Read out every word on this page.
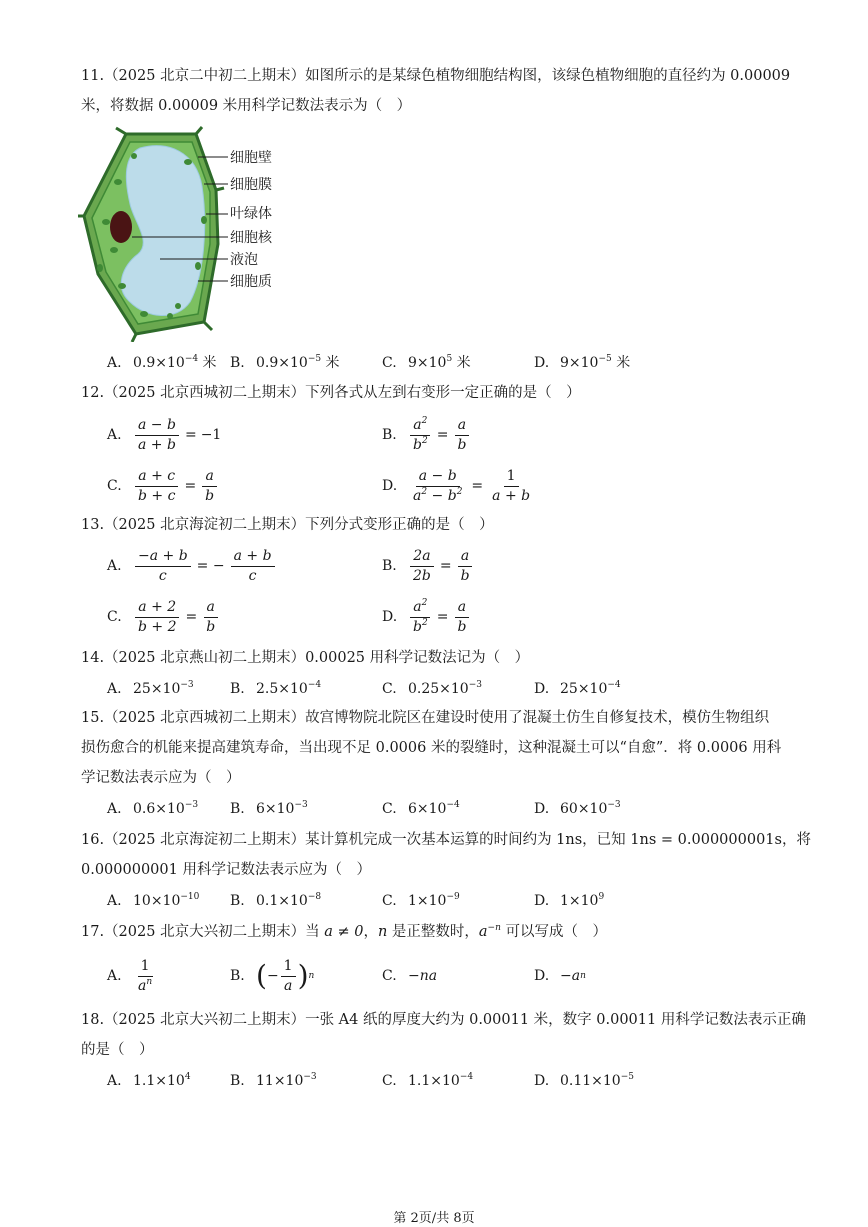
11.（2025 北京二中初二上期末）如图所示的是某绿色植物细胞结构图，该绿色植物细胞的直径约为 0.00009
米，将数据 0.00009 米用科学记数法表示为（　）
细胞壁
细胞膜
叶绿体
细胞核
液泡
细胞质
A. $0.9\times 10^{-4}$ 米 B. $0.9\times 10^{-5}$ 米	C. $9\times 10^5$ 米	D. $9\times 10^{-5}$ 米
12.（2025 北京西城初二上期末）下列各式从左到右变形一定正确的是（　）
A. $\frac{a - b}{a + b} = -1$	B. $\frac{a^2}{b^2} = \frac{a}{b}$
C. $\frac{a + c}{b + c} = \frac{a}{b}$	D. $\frac{a - b}{a^2 - b^2} = \frac{1}{a + b}$
13.（2025 北京海淀初二上期末）下列分式变形正确的是（　）
A. $\frac{-a + b}{c}$ = − $\frac{a + b}{c}$	B. $\frac{2a}{2b} = \frac{a}{b}$
C. $\frac{a + 2}{b + 2} = \frac{a}{b}$	D. $\frac{a^2}{b^2} = \frac{a}{b}$
14.（2025 北京燕山初二上期末）0.00025 用科学记数法记为（　）
A. $25\times 10^{-3}$	B. $2.5\times 10^{-4}$	C. $0.25\times 10^{-3}$	D. $25\times 10^{-4}$
15.（2025 北京西城初二上期末）故宫博物院北院区在建设时使用了混凝土仿生自修复技术，模仿生物组织
损伤愈合的机能来提高建筑寿命，当出现不足 0.0006 米的裂缝时，这种混凝土可以“自愈”．将 0.0006 用科
学记数法表示应为（　）
A. $0.6\times 10^{-3}$ B. $6\times 10^{-3}$	C. $6\times 10^{-4}$	D. $60\times 10^{-3}$
16.（2025 北京海淀初二上期末）某计算机完成一次基本运算的时间约为 1ns，已知 1ns = 0.000000001s，将
0.000000001 用科学记数法表示应为（　）
A. $10\times 10^{-10}$ B. $0.1\times 10^{-8}$	C. $1\times 10^{-9}$	D. $1\times 10^9$
17.（2025 北京大兴初二上期末）当 a ≠ 0，n 是正整数时，$a^{-n}$ 可以写成（　）
A. $\frac{1}{a^n}$	B. ( − $\frac{1}{a}$ ) n	C. −na	D. −a n
18.（2025 北京大兴初二上期末）一张 A4 纸的厚度大约为 0.00011 米，数字 0.00011 用科学记数法表示正确
的是（　）
A. $1.1\times 10^4$	B. $11\times 10^{-3}$	C. $1.1\times 10^{-4}$	D. $0.11\times 10^{-5}$
第 2页/共 8页
